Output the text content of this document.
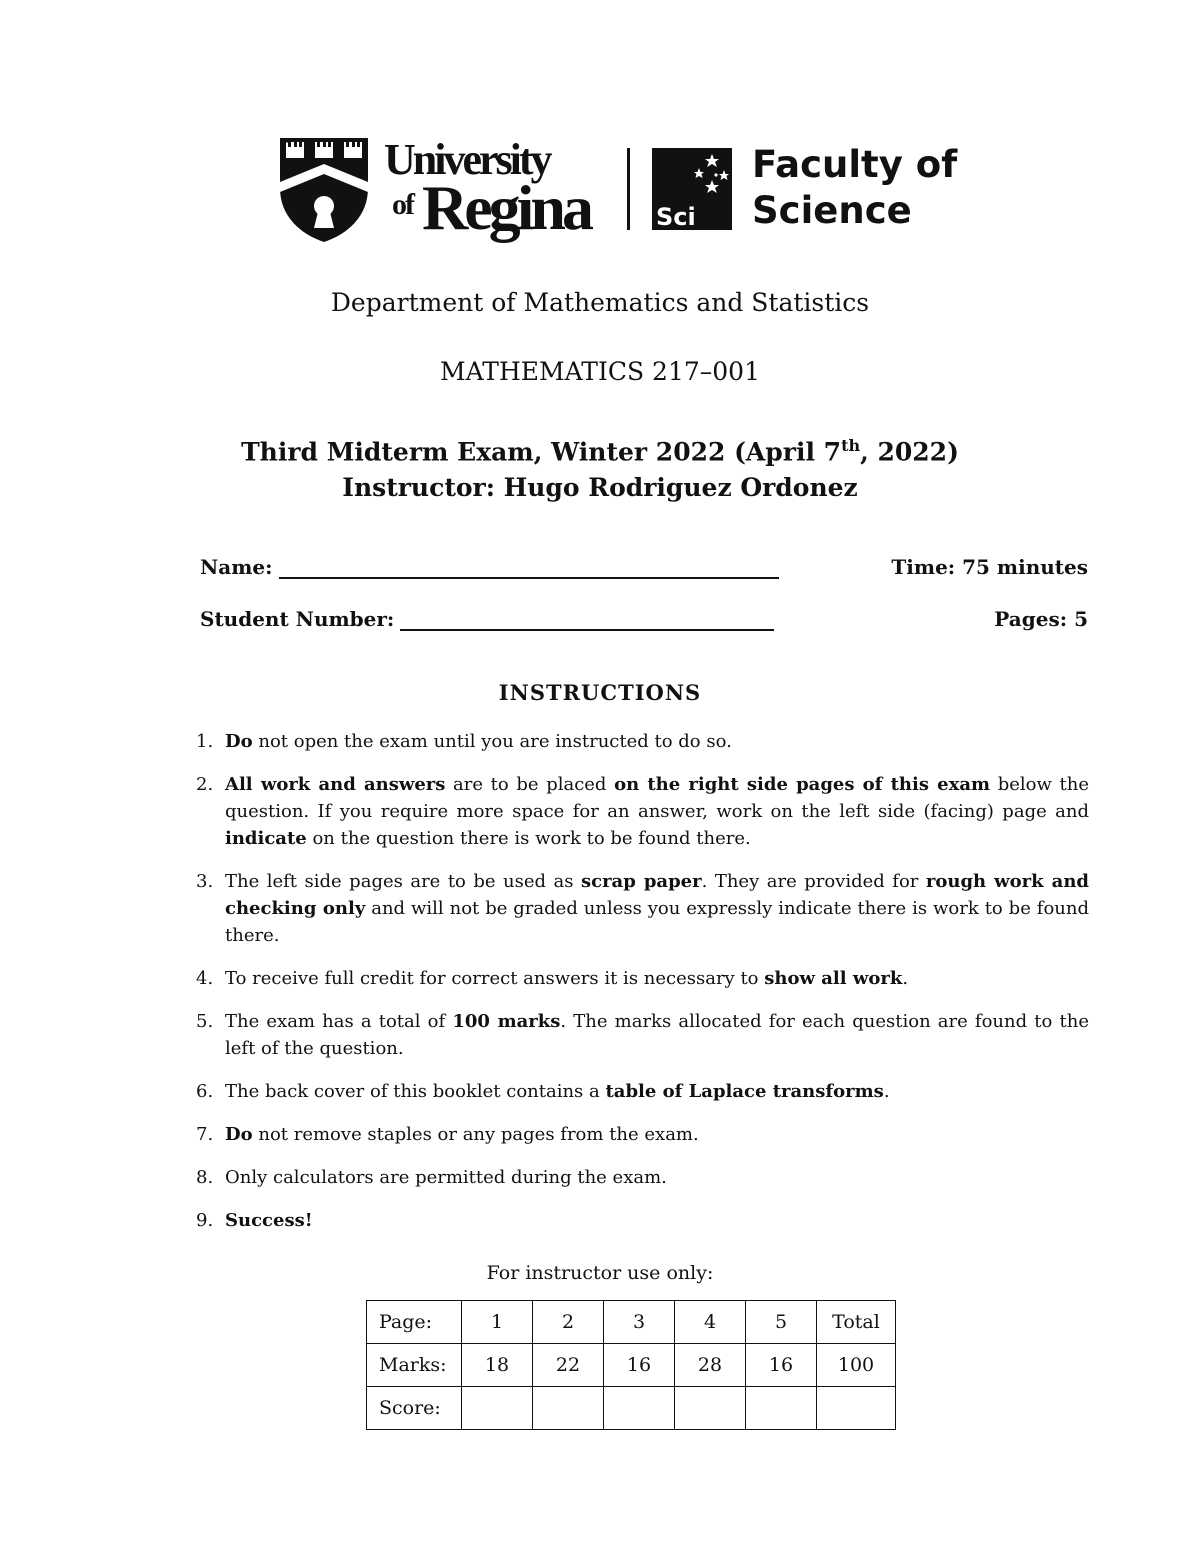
University
of Regina	Sci
Faculty of
Science
Department of Mathematics and Statistics
MATHEMATICS 217–001
Third Midterm Exam, Winter 2022 (April 7th, 2022)
Instructor: Hugo Rodriguez Ordonez
Name:	Time: 75 minutes
Student Number:	Pages: 5
INSTRUCTIONS
1. Do not open the exam until you are instructed to do so.
2. All work and answers are to be placed on the right side pages of this exam below the question. If you require more space for an answer, work on the left side (facing) page and indicate on the question there is work to be found there.
3. The left side pages are to be used as scrap paper. They are provided for rough work and checking only and will not be graded unless you expressly indicate there is work to be found there.
4. To receive full credit for correct answers it is necessary to show all work.
5. The exam has a total of 100 marks. The marks allocated for each question are found to the left of the question.
6. The back cover of this booklet contains a table of Laplace transforms.
7. Do not remove staples or any pages from the exam.
8. Only calculators are permitted during the exam.
9. Success!
For instructor use only:
Page:	1	2	3	4	5	Total
Marks:	18	22	16	28	16	100
Score:						
